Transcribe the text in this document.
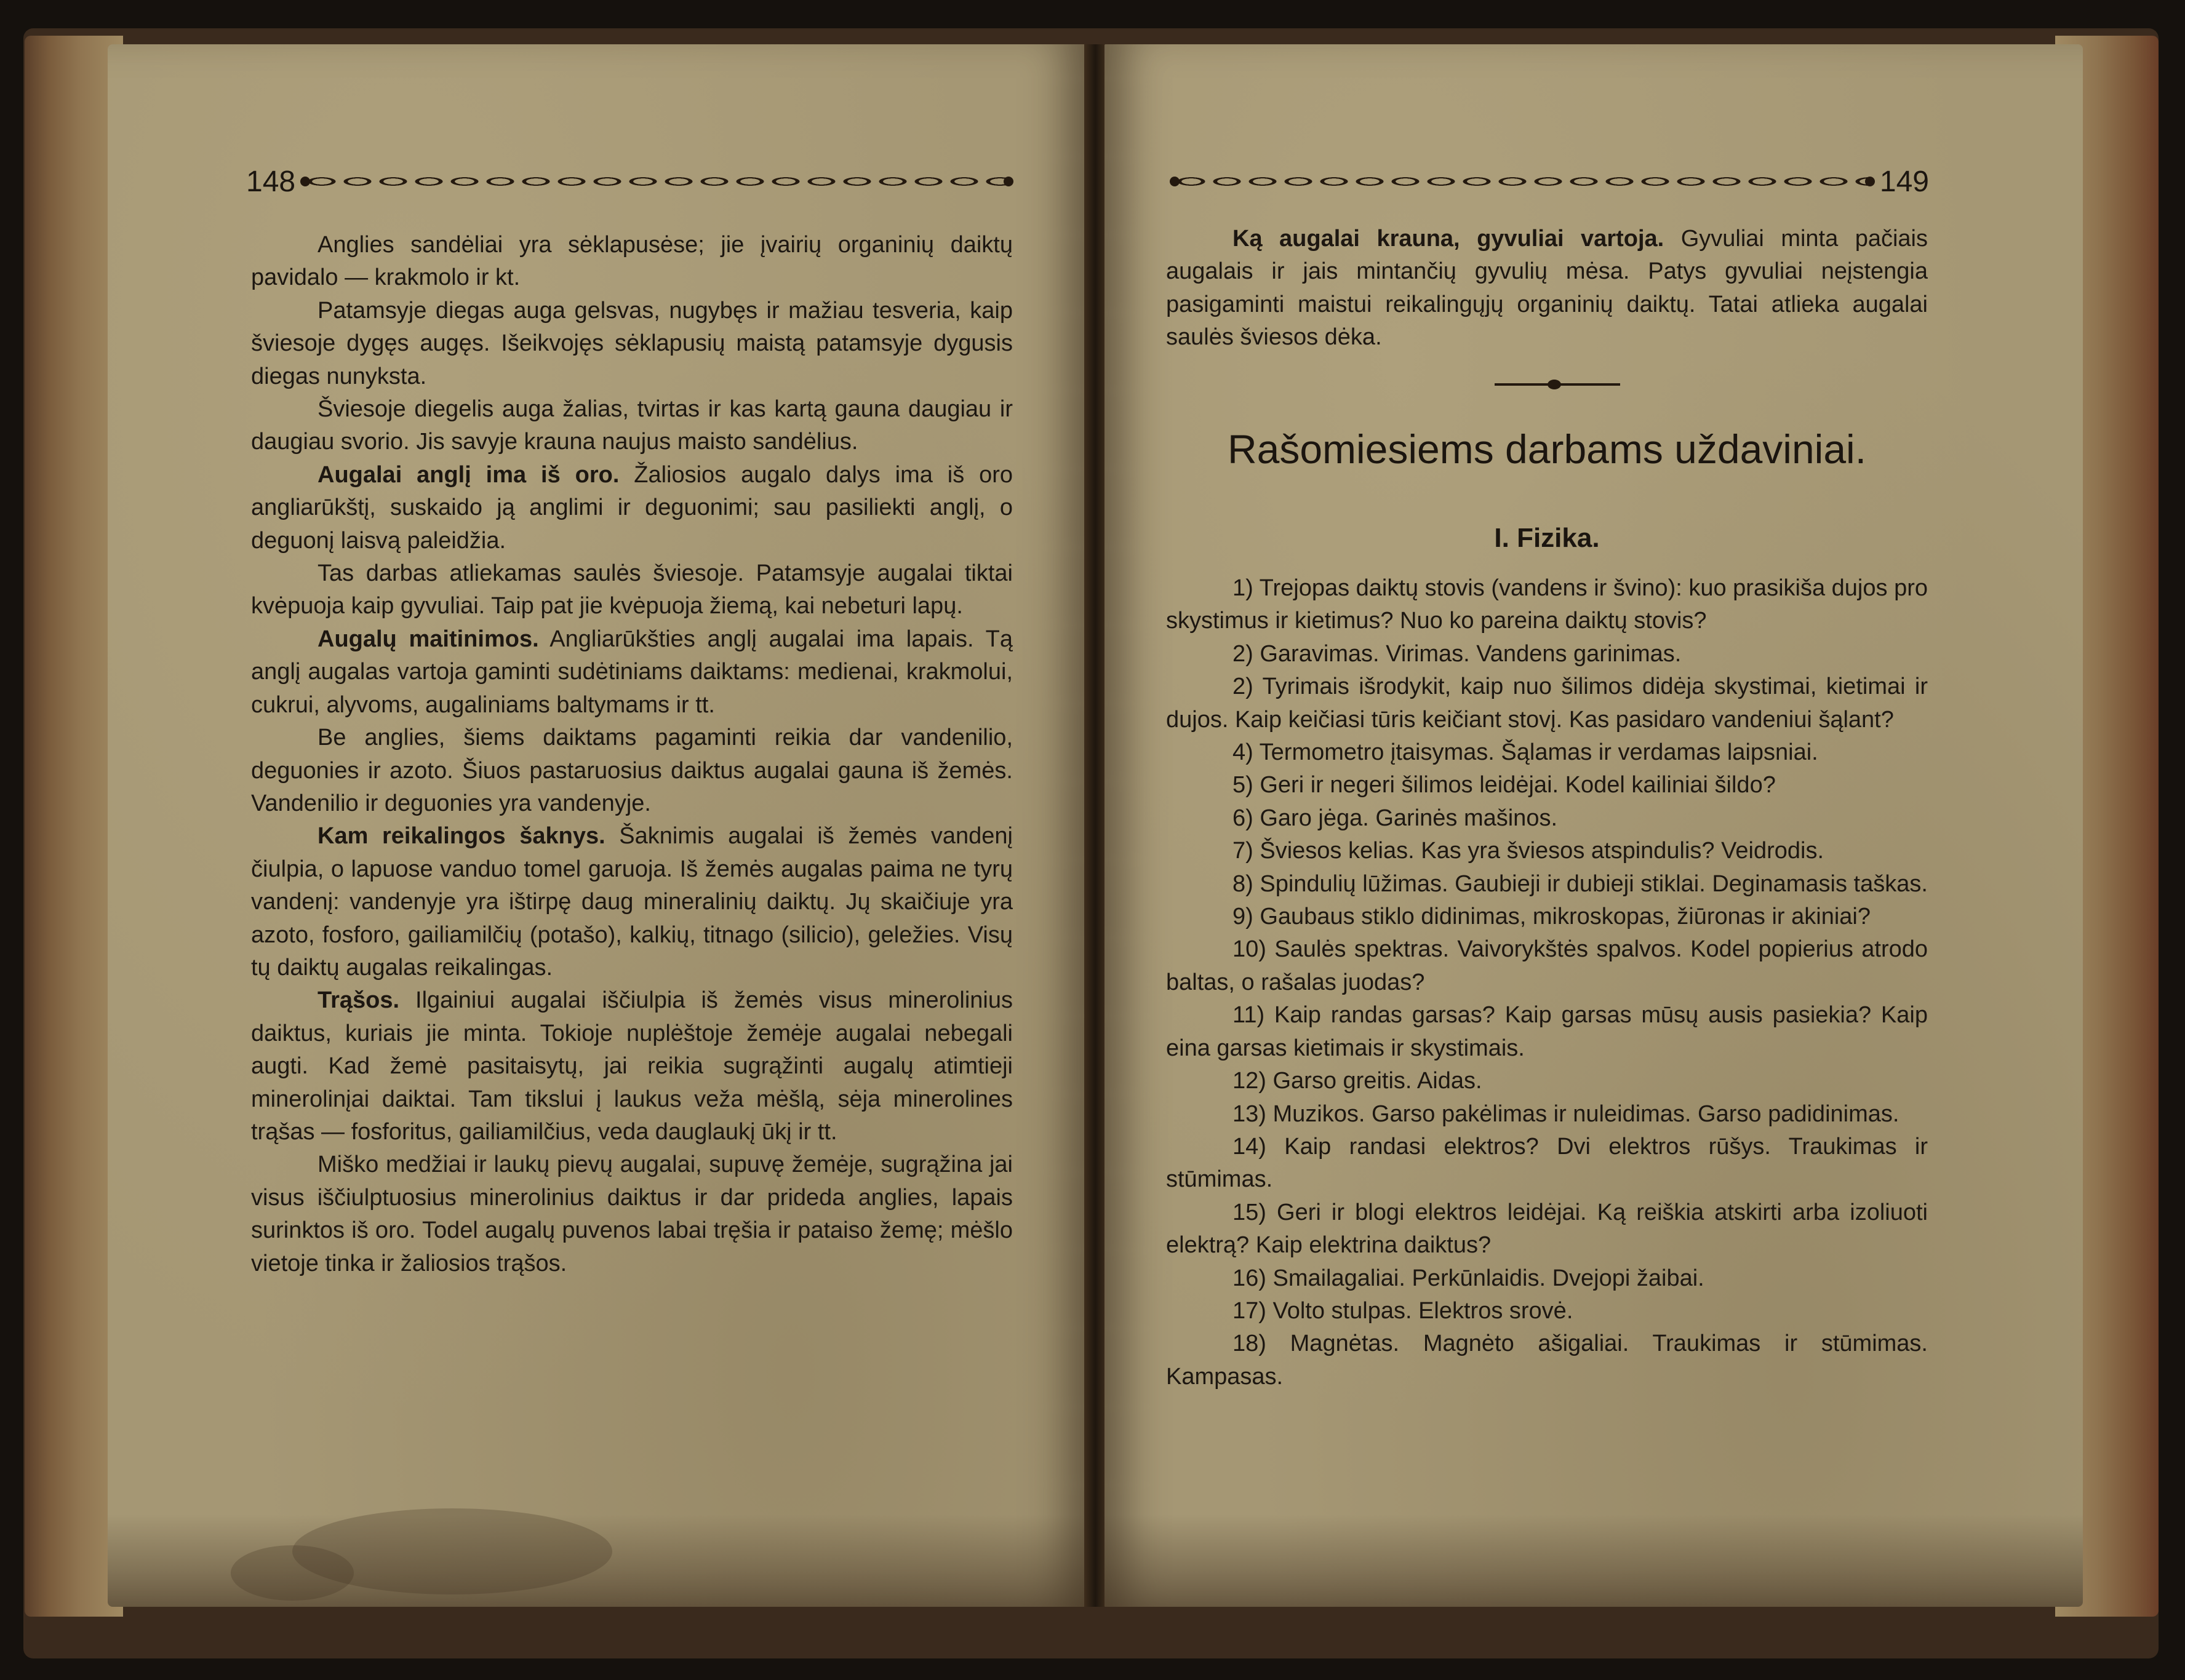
148

Anglies sandėliai yra sėklapusėse; jie įvairių organinių daiktų pavidalo — krakmolo ir kt.

Patamsyje diegas auga gelsvas, nugybęs ir mažiau tesveria, kaip šviesoje dygęs augęs. Išeikvojęs sėklapusių maistą patamsyje dygusis diegas nunyksta.

Šviesoje diegelis auga žalias, tvirtas ir kas kartą gauna daugiau ir daugiau svorio. Jis savyje krauna naujus maisto sandėlius.

Augalai anglį ima iš oro. Žaliosios augalo dalys ima iš oro angliarūkštį, suskaido ją anglimi ir deguonimi; sau pasiliekti anglį, o deguonį laisvą paleidžia.

Tas darbas atliekamas saulės šviesoje. Patamsyje augalai tiktai kvėpuoja kaip gyvuliai. Taip pat jie kvėpuoja žiemą, kai nebeturi lapų.

Augalų maitinimos. Angliarūkšties anglį augalai ima lapais. Tą anglį augalas vartoja gaminti sudėtiniams daiktams: medienai, krakmolui, cukrui, alyvoms, augaliniams baltymams ir tt.

Be anglies, šiems daiktams pagaminti reikia dar vandenilio, deguonies ir azoto. Šiuos pastaruosius daiktus augalai gauna iš žemės. Vandenilio ir deguonies yra vandenyje.

Kam reikalingos šaknys. Šaknimis augalai iš žemės vandenį čiulpia, o lapuose vanduo tomel garuoja. Iš žemės augalas paima ne tyrų vandenį: vandenyje yra ištirpę daug mineralinių daiktų. Jų skaičiuje yra azoto, fosforo, gailiamilčių (potašo), kalkių, titnago (silicio), geležies. Visų tų daiktų augalas reikalingas.

Trąšos. Ilgainiui augalai iščiulpia iš žemės visus minerolinius daiktus, kuriais jie minta. Tokioje nuplėštoje žemėje augalai nebegali augti. Kad žemė pasitaisytų, jai reikia sugrąžinti augalų atimtieji minerolinįai daiktai. Tam tikslui į laukus veža mėšlą, sėja minerolines trąšas — fosforitus, gailiamilčius, veda dauglaukį ūkį ir tt.

Miško medžiai ir laukų pievų augalai, supuvę žemėje, sugrąžina jai visus iščiulptuosius minerolinius daiktus ir dar prideda anglies, lapais surinktos iš oro. Todel augalų puvenos labai tręšia ir pataiso žemę; mėšlo vietoje tinka ir žaliosios trąšos.

149

Ką augalai krauna, gyvuliai vartoja. Gyvuliai minta pačiais augalais ir jais mintančių gyvulių mėsa. Patys gyvuliai neįstengia pasigaminti maistui reikalingųjų organinių daiktų. Tatai atlieka augalai saulės šviesos dėka.

Rašomiesiems darbams uždaviniai.
I. Fizika.

1) Trejopas daiktų stovis (vandens ir švino): kuo prasikiša dujos pro skystimus ir kietimus? Nuo ko pareina daiktų stovis?

2) Garavimas. Virimas. Vandens garinimas.

2) Tyrimais išrodykit, kaip nuo šilimos didėja skystimai, kietimai ir dujos. Kaip keičiasi tūris keičiant stovį. Kas pasidaro vandeniui šąlant?

4) Termometro įtaisymas. Šąlamas ir verdamas laipsniai.

5) Geri ir negeri šilimos leidėjai. Kodel kailiniai šildo?

6) Garo jėga. Garinės mašinos.

7) Šviesos kelias. Kas yra šviesos atspindulis? Veidrodis.

8) Spindulių lūžimas. Gaubieji ir dubieji stiklai. Deginamasis taškas.

9) Gaubaus stiklo didinimas, mikroskopas, žiūronas ir akiniai?

10) Saulės spektras. Vaivorykštės spalvos. Kodel popierius atrodo baltas, o rašalas juodas?

11) Kaip randas garsas? Kaip garsas mūsų ausis pasiekia? Kaip eina garsas kietimais ir skystimais.

12) Garso greitis. Aidas.

13) Muzikos. Garso pakėlimas ir nuleidimas. Garso padidinimas.

14) Kaip randasi elektros? Dvi elektros rūšys. Traukimas ir stūmimas.

15) Geri ir blogi elektros leidėjai. Ką reiškia atskirti arba izoliuoti elektrą? Kaip elektrina daiktus?

16) Smailagaliai. Perkūnlaidis. Dvejopi žaibai.

17) Volto stulpas. Elektros srovė.

18) Magnėtas. Magnėto ašigaliai. Traukimas ir stūmimas. Kampasas.
